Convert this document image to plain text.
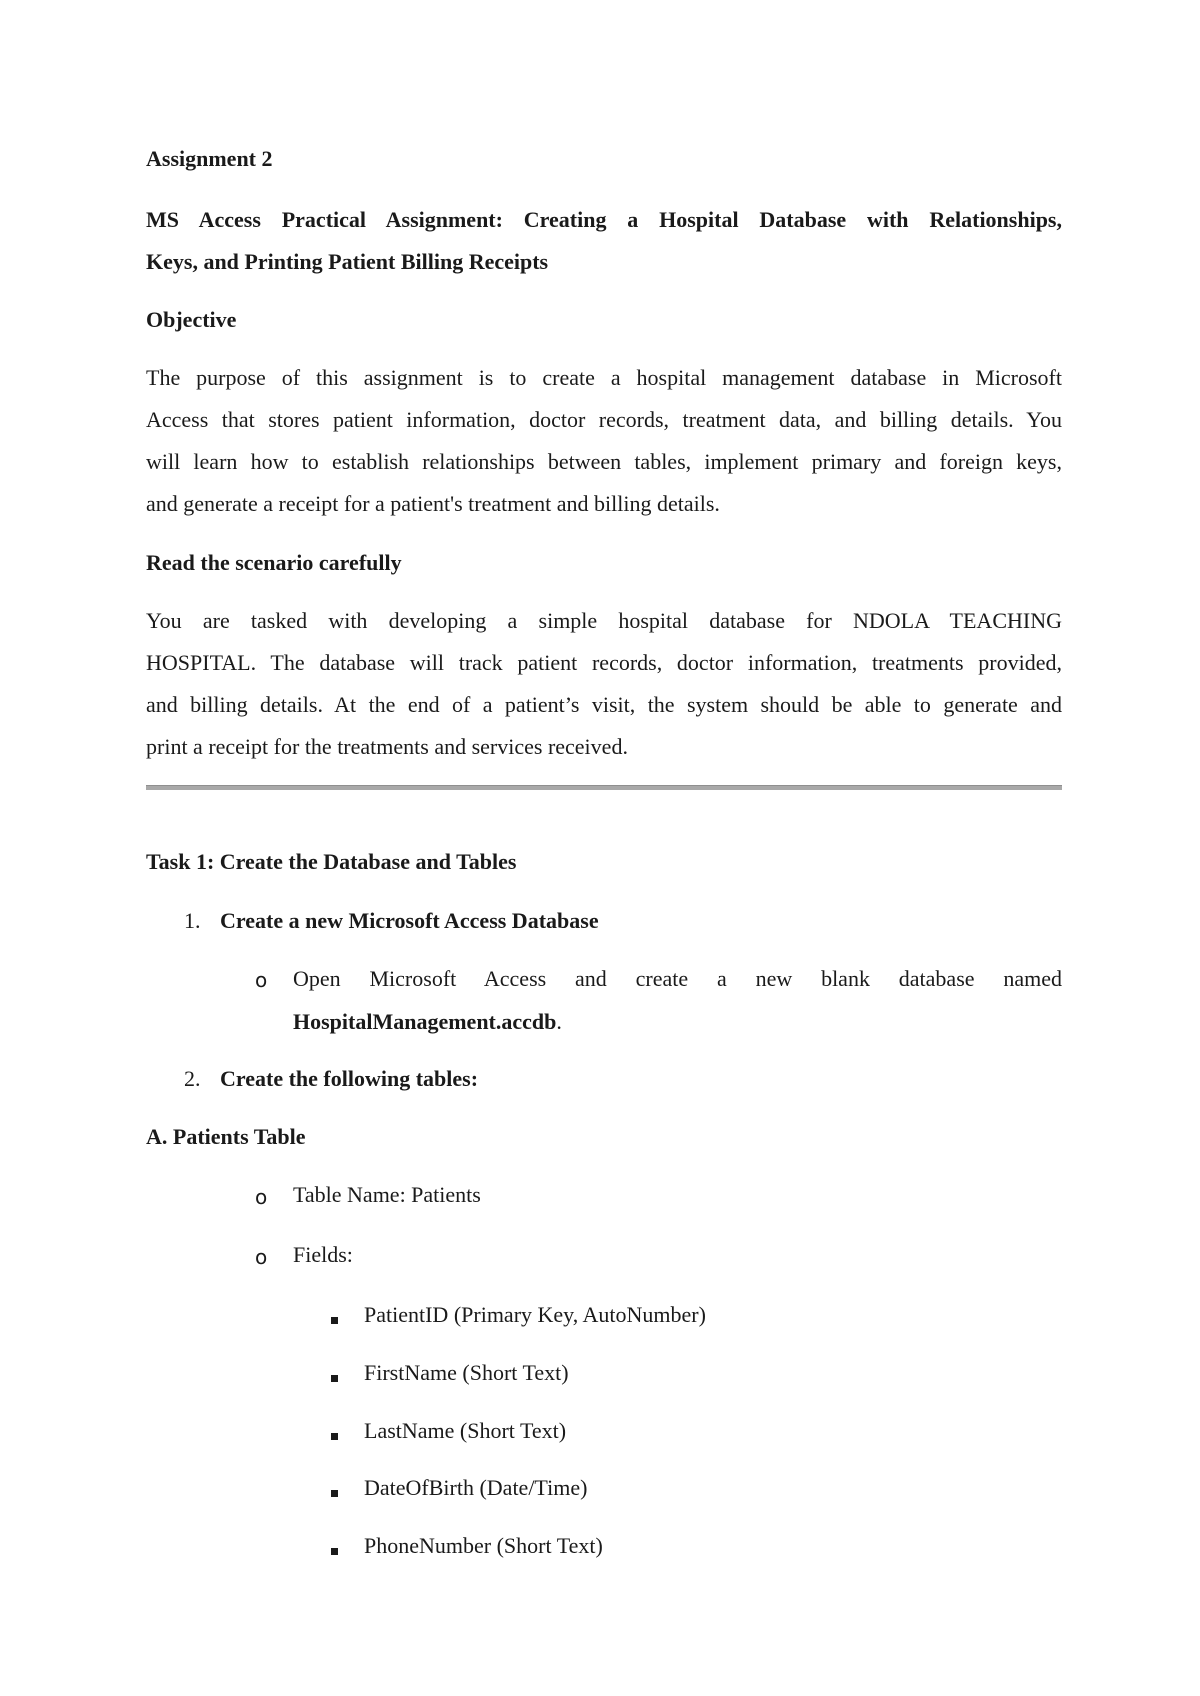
Assignment 2
MS Access Practical Assignment: Creating a Hospital Database with Relationships,
Keys, and Printing Patient Billing Receipts
Objective
The purpose of this assignment is to create a hospital management database in Microsoft
Access that stores patient information, doctor records, treatment data, and billing details. You
will learn how to establish relationships between tables, implement primary and foreign keys,
and generate a receipt for a patient's treatment and billing details.
Read the scenario carefully
You are tasked with developing a simple hospital database for NDOLA TEACHING
HOSPITAL. The database will track patient records, doctor information, treatments provided,
and billing details. At the end of a patient’s visit, the system should be able to generate and
print a receipt for the treatments and services received.
Task 1: Create the Database and Tables
1. Create a new Microsoft Access Database
o Open Microsoft Access and create a new blank database named
HospitalManagement.accdb.
2. Create the following tables:
A. Patients Table
o Table Name: Patients
o Fields:
PatientID (Primary Key, AutoNumber)
FirstName (Short Text)
LastName (Short Text)
DateOfBirth (Date/Time)
PhoneNumber (Short Text)
